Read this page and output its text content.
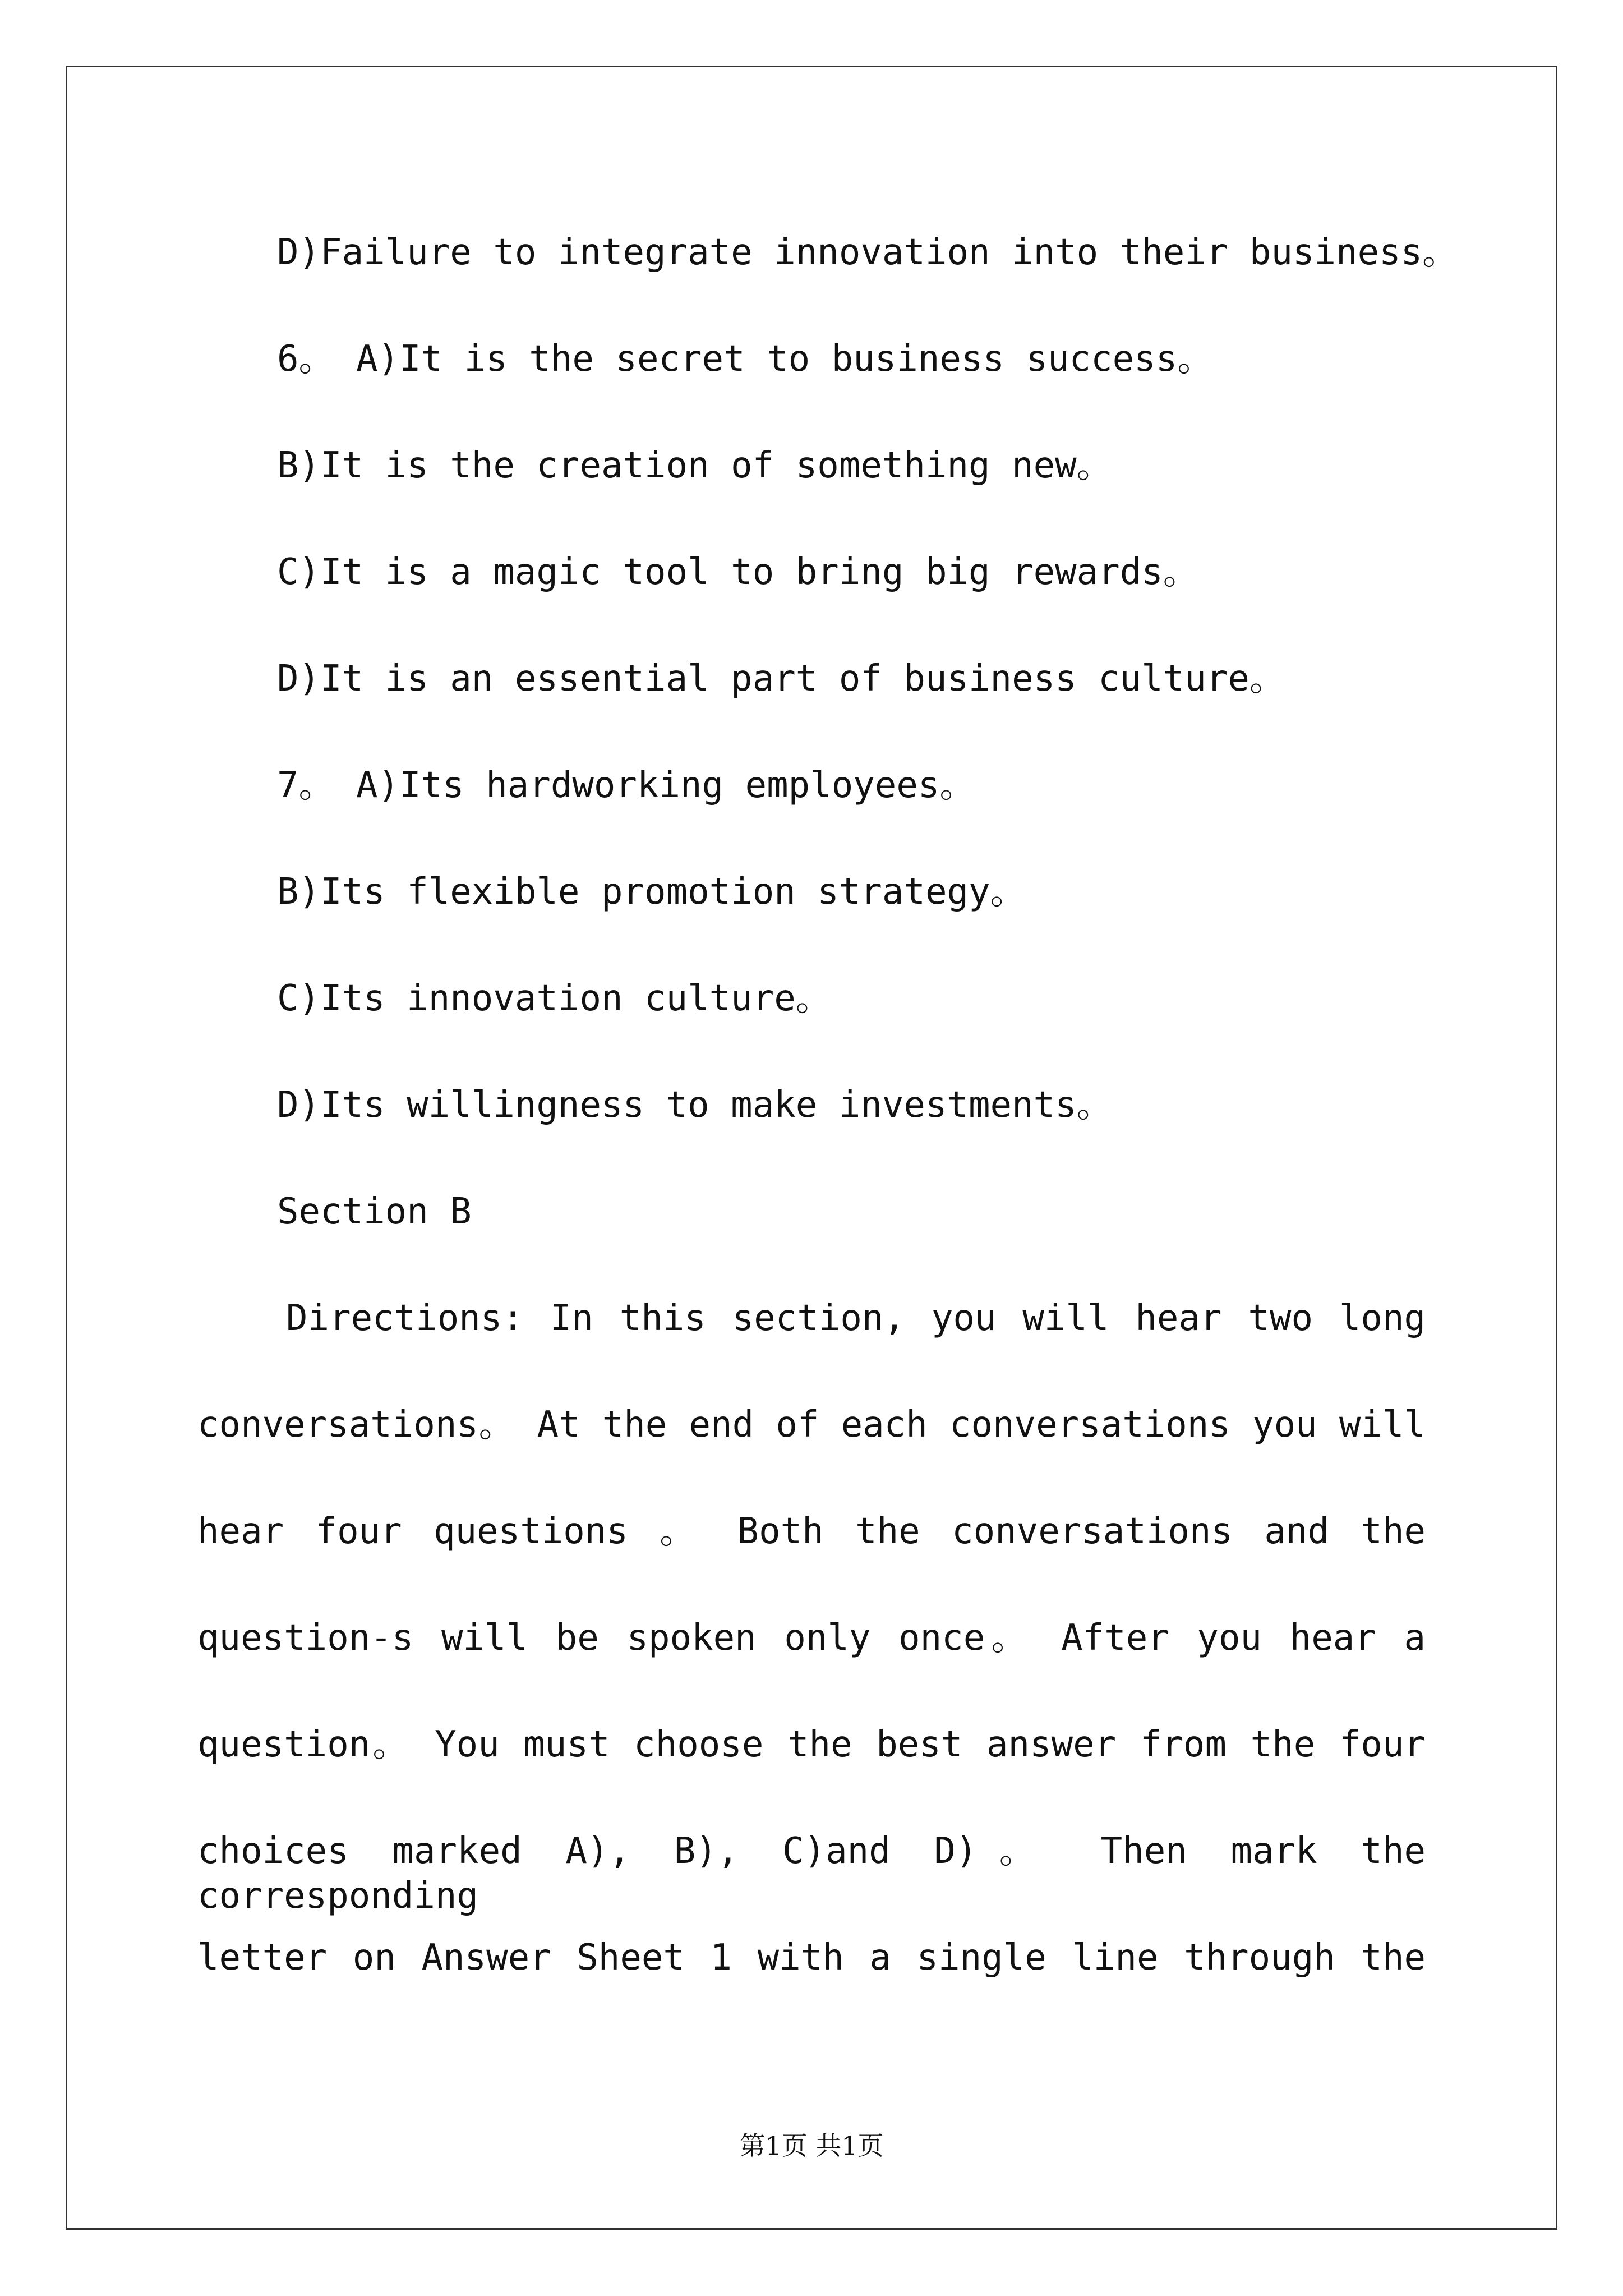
D)Failure to integrate innovation into their business。

6。 A)It is the secret to business success。

B)It is the creation of something new。

C)It is a magic tool to bring big rewards。

D)It is an essential part of business culture。

7。 A)Its hardworking employees。

B)Its flexible promotion strategy。

C)Its innovation culture。

D)Its willingness to make investments。

Section B

Directions: In this section, you will hear two long

conversations。 At the end of each conversations you will

hear four questions 。 Both the conversations and the

question-s will be spoken only once。 After you hear a

question。 You must choose the best answer from the four

choices marked A), B), C)and D)。 Then mark the corresponding

letter on Answer Sheet 1 with a single line through the

第1页 共1页
